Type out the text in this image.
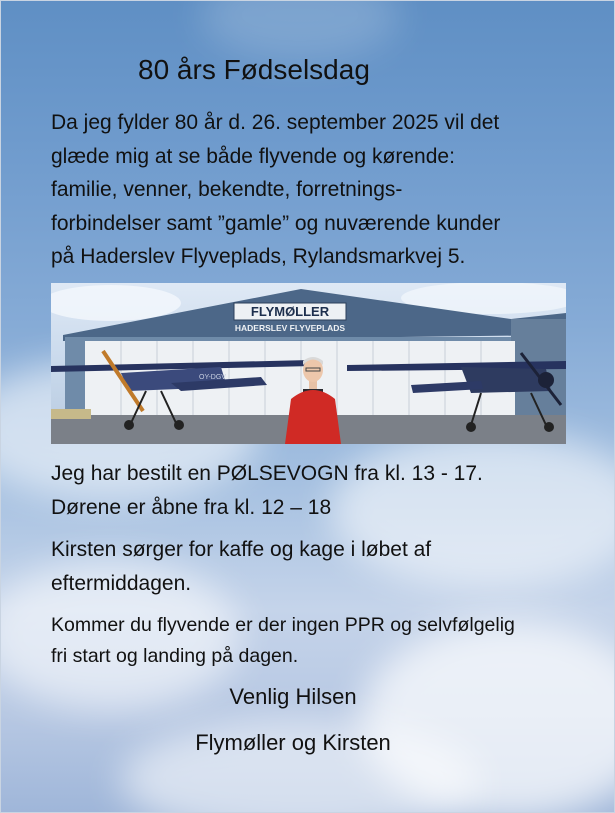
80 års Fødselsdag

Da jeg fylder 80 år d. 26. september 2025 vil det
glæde mig at se både flyvende og kørende:
familie, venner, bekendte, forretnings-
forbindelser samt ”gamle” og nuværende kunder
på Haderslev Flyveplads, Rylandsmarkvej 5.

FLYMØLLER
HADERSLEV FLYVEPLADS
OY-DGV

Jeg har bestilt en PØLSEVOGN fra kl. 13 - 17.
Dørene er åbne fra kl. 12 – 18

Kirsten sørger for kaffe og kage i løbet af
eftermiddagen.

Kommer du flyvende er der ingen PPR og selvfølgelig
fri start og landing på dagen.

Venlig Hilsen
Flymøller og Kirsten
